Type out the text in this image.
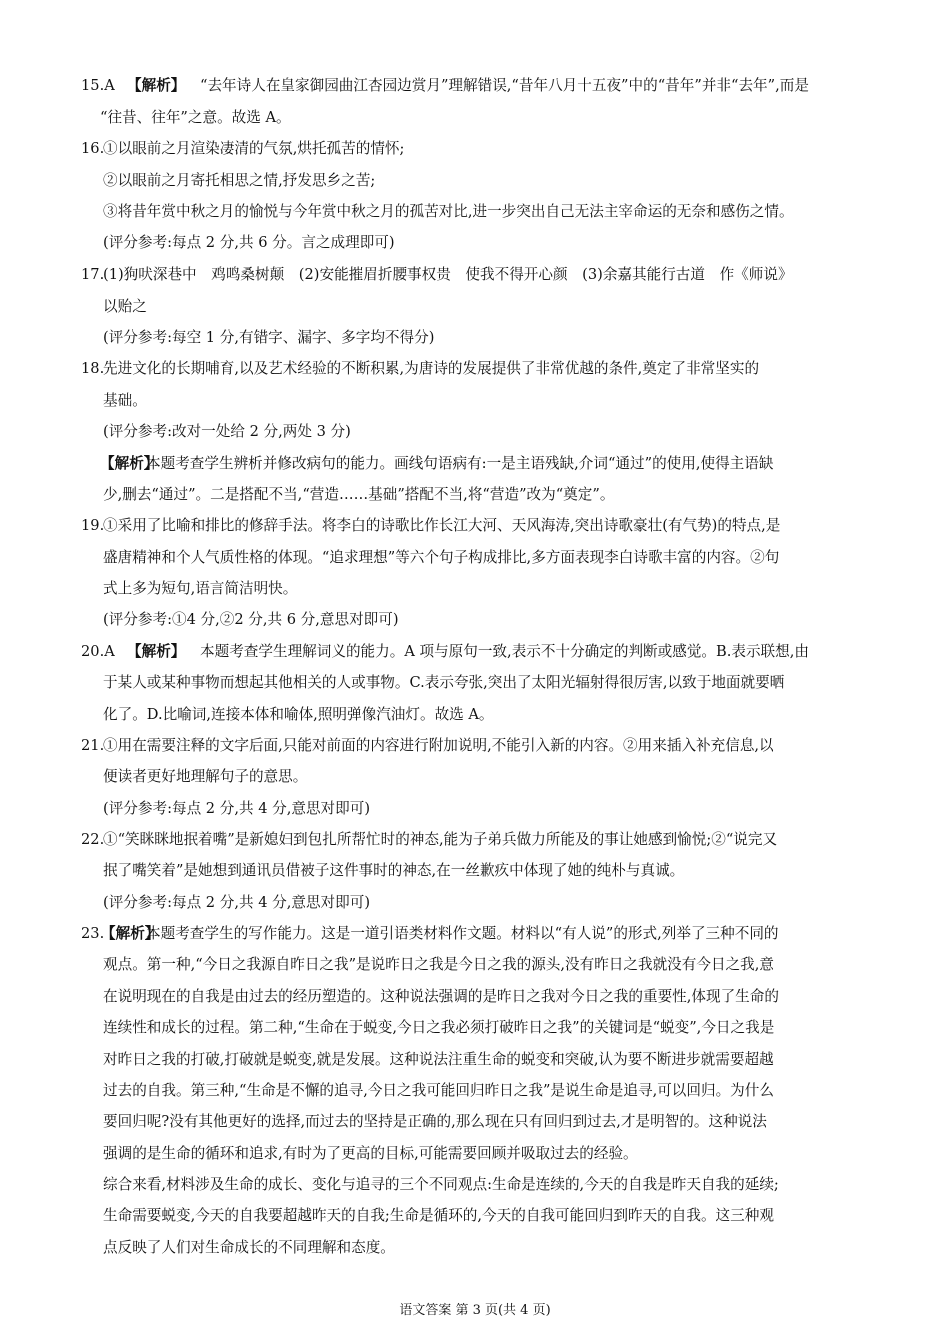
15.A 【解析】 “去年诗人在皇家御园曲江杏园边赏月”理解错误,“昔年八月十五夜”中的“昔年”并非“去年”,而是
“往昔、往年”之意。故选 A。
16.
①以眼前之月渲染凄清的气氛,烘托孤苦的情怀;
②以眼前之月寄托相思之情,抒发思乡之苦;
③将昔年赏中秋之月的愉悦与今年赏中秋之月的孤苦对比,进一步突出自己无法主宰命运的无奈和感伤之情。
(评分参考:每点 2 分,共 6 分。言之成理即可)
17.
(1)狗吠深巷中　鸡鸣桑树颠　(2)安能摧眉折腰事权贵　使我不得开心颜　(3)余嘉其能行古道　作《师说》
以贻之
(评分参考:每空 1 分,有错字、漏字、多字均不得分)
18.
先进文化的长期哺育,以及艺术经验的不断积累,为唐诗的发展提供了非常优越的条件,奠定了非常坚实的
基础。
(评分参考:改对一处给 2 分,两处 3 分)
【解析】
本题考查学生辨析并修改病句的能力。画线句语病有:一是主语残缺,介词“通过”的使用,使得主语缺
少,删去“通过”。二是搭配不当,“营造……基础”搭配不当,将“营造”改为“奠定”。
19.
①采用了比喻和排比的修辞手法。将李白的诗歌比作长江大河、天风海涛,突出诗歌豪壮(有气势)的特点,是
盛唐精神和个人气质性格的体现。“追求理想”等六个句子构成排比,多方面表现李白诗歌丰富的内容。②句
式上多为短句,语言简洁明快。
(评分参考:①4 分,②2 分,共 6 分,意思对即可)
20.A 【解析】 本题考查学生理解词义的能力。A 项与原句一致,表示不十分确定的判断或感觉。B.表示联想,由
于某人或某种事物而想起其他相关的人或事物。C.表示夸张,突出了太阳光辐射得很厉害,以致于地面就要晒
化了。D.比喻词,连接本体和喻体,照明弹像汽油灯。故选 A。
21.
①用在需要注释的文字后面,只能对前面的内容进行附加说明,不能引入新的内容。②用来插入补充信息,以
便读者更好地理解句子的意思。
(评分参考:每点 2 分,共 4 分,意思对即可)
22.
①“笑眯眯地抿着嘴”是新媳妇到包扎所帮忙时的神态,能为子弟兵做力所能及的事让她感到愉悦;②“说完又
抿了嘴笑着”是她想到通讯员借被子这件事时的神态,在一丝歉疚中体现了她的纯朴与真诚。
(评分参考:每点 2 分,共 4 分,意思对即可)
23.
【解析】
本题考查学生的写作能力。这是一道引语类材料作文题。材料以“有人说”的形式,列举了三种不同的
观点。第一种,“今日之我源自昨日之我”是说昨日之我是今日之我的源头,没有昨日之我就没有今日之我,意
在说明现在的自我是由过去的经历塑造的。这种说法强调的是昨日之我对今日之我的重要性,体现了生命的
连续性和成长的过程。第二种,“生命在于蜕变,今日之我必须打破昨日之我”的关键词是“蜕变”,今日之我是
对昨日之我的打破,打破就是蜕变,就是发展。这种说法注重生命的蜕变和突破,认为要不断进步就需要超越
过去的自我。第三种,“生命是不懈的追寻,今日之我可能回归昨日之我”是说生命是追寻,可以回归。为什么
要回归呢?没有其他更好的选择,而过去的坚持是正确的,那么现在只有回归到过去,才是明智的。这种说法
强调的是生命的循环和追求,有时为了更高的目标,可能需要回顾并吸取过去的经验。
综合来看,材料涉及生命的成长、变化与追寻的三个不同观点:生命是连续的,今天的自我是昨天自我的延续;
生命需要蜕变,今天的自我要超越昨天的自我;生命是循环的,今天的自我可能回归到昨天的自我。这三种观
点反映了人们对生命成长的不同理解和态度。
语文答案 第 3 页(共 4 页)
